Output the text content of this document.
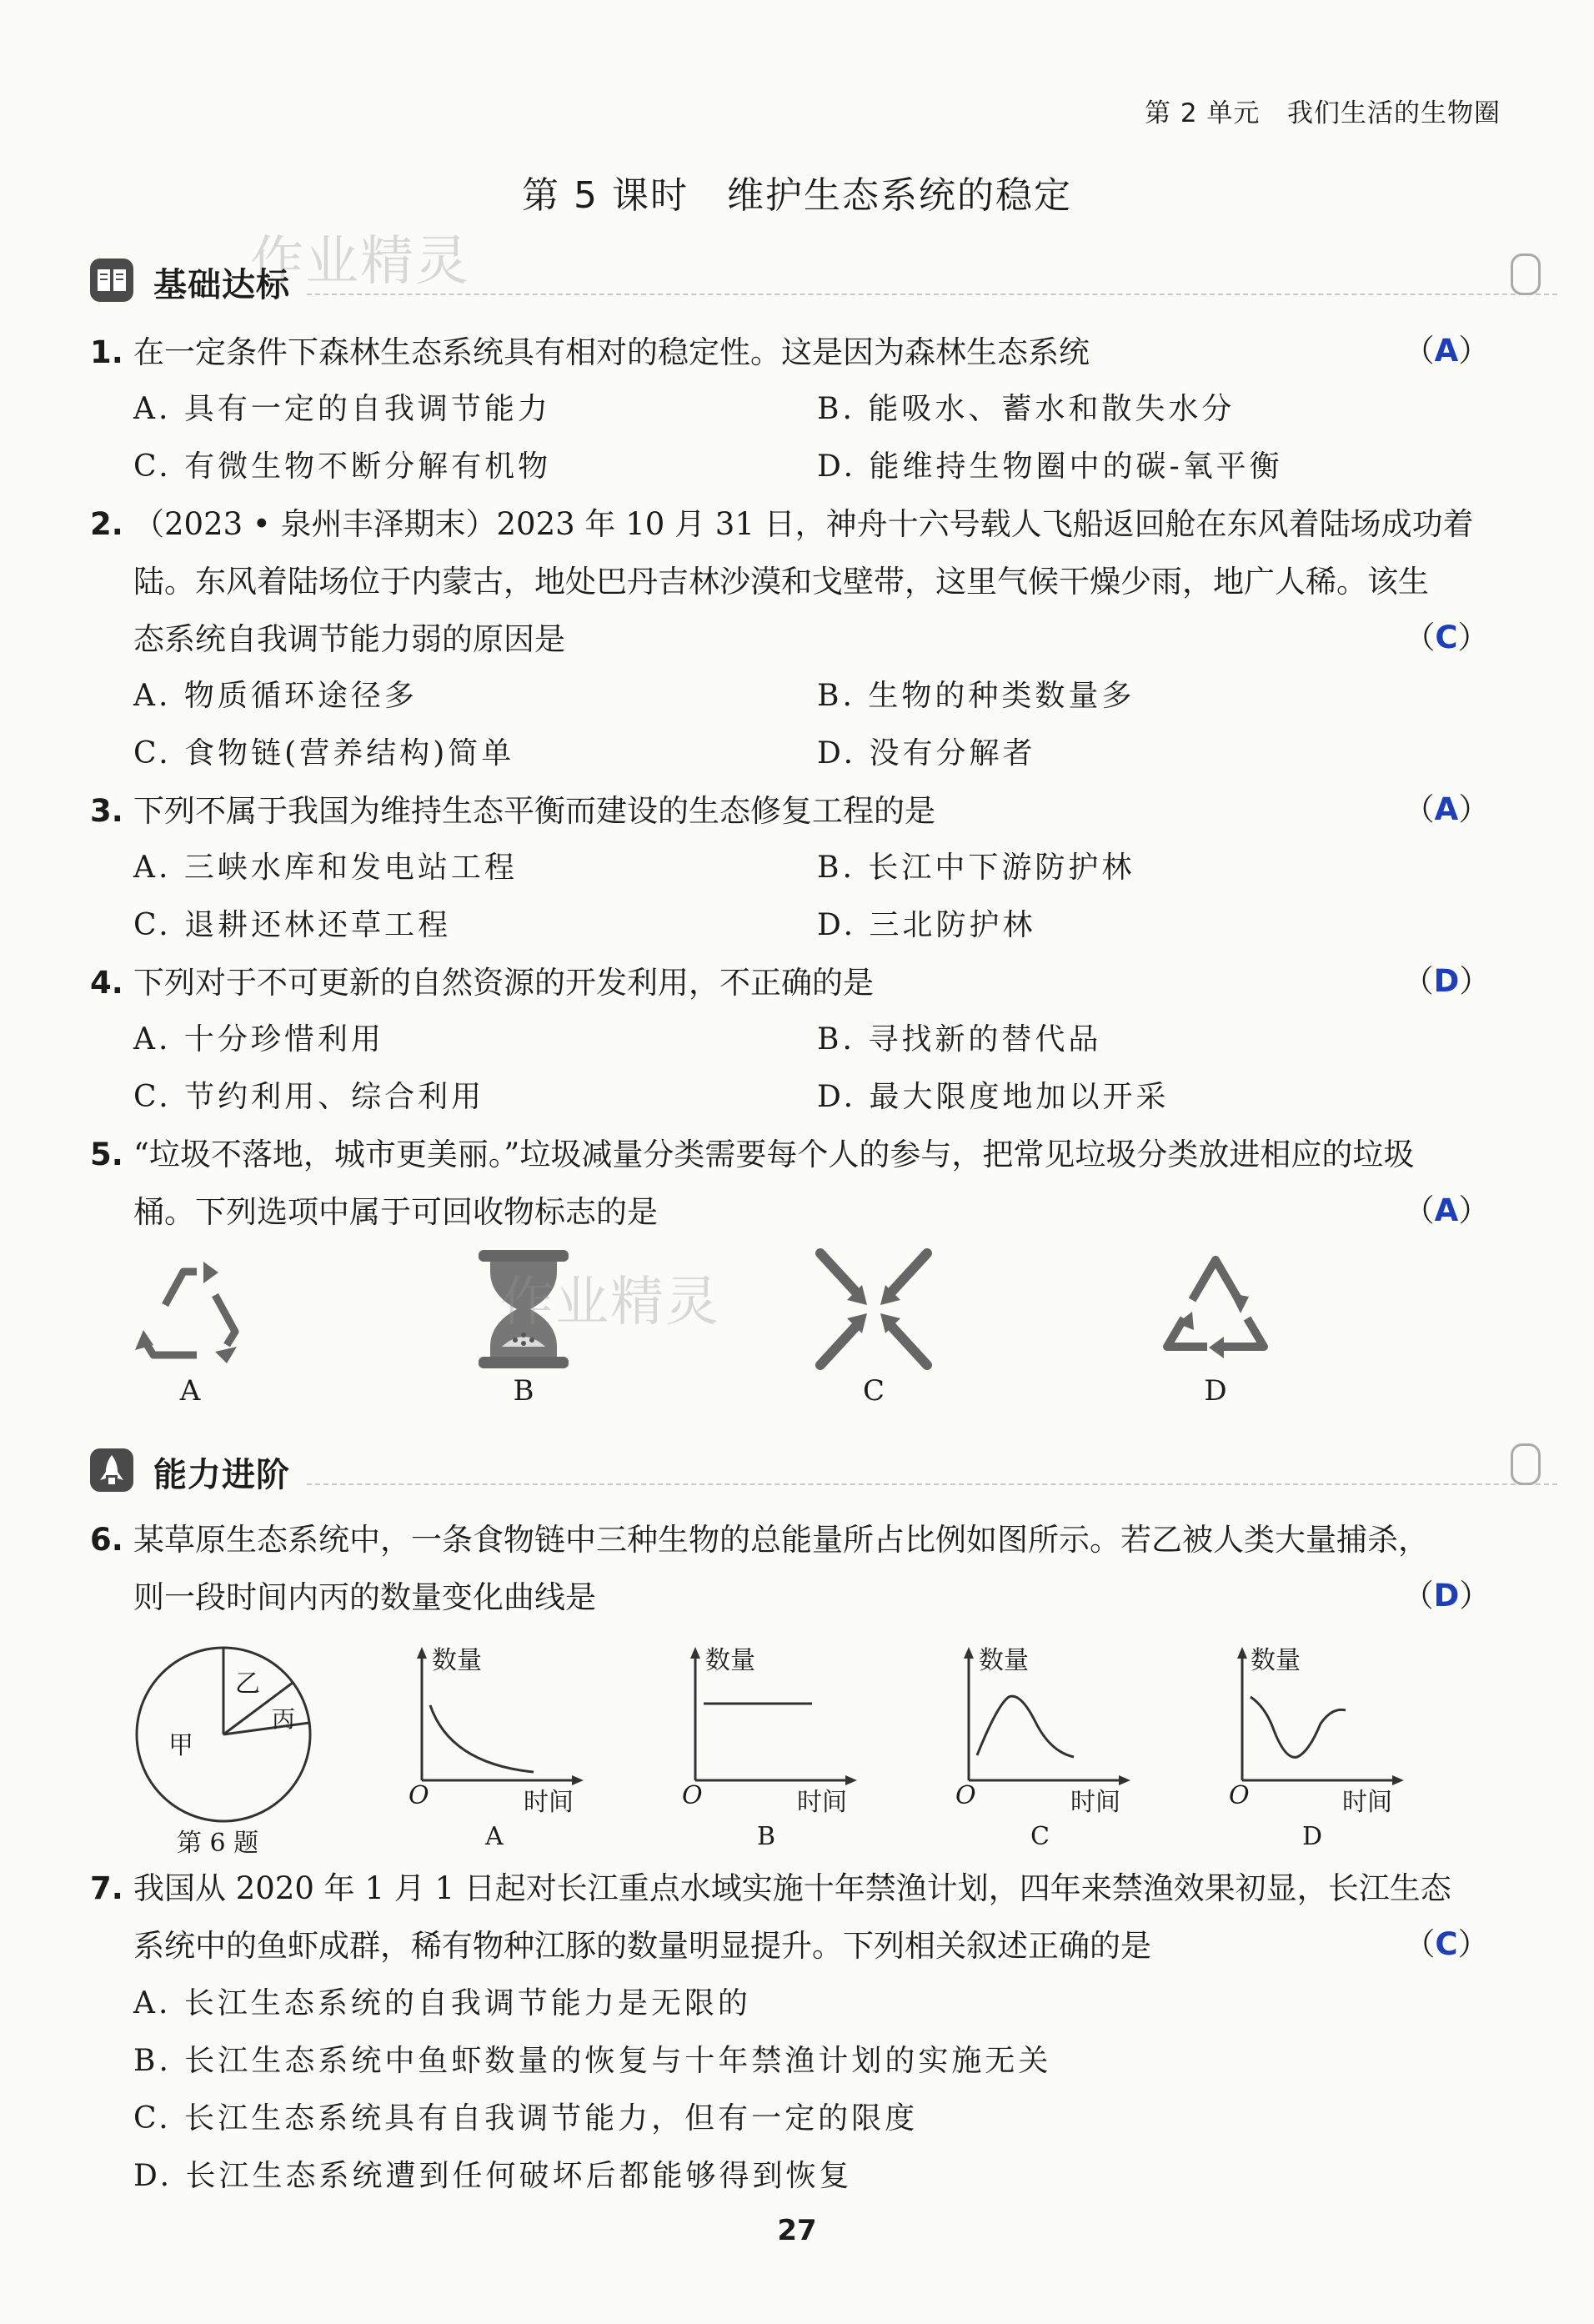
第 2 单元 我们生活的生物圈
第 5 课时　维护生态系统的稳定
作业精灵
基础达标
1. 在一定条件下森林生态系统具有相对的稳定性。这是因为森林生态系统	（A）
A. 具有一定的自我调节能力	B. 能吸水、蓄水和散失水分
C. 有微生物不断分解有机物	D. 能维持生物圈中的碳-氧平衡
2. （2023 • 泉州丰泽期末）2023 年 10 月 31 日，神舟十六号载人飞船返回舱在东风着陆场成功着
陆。东风着陆场位于内蒙古，地处巴丹吉林沙漠和戈壁带，这里气候干燥少雨，地广人稀。该生
态系统自我调节能力弱的原因是	（C）
A. 物质循环途径多	B. 生物的种类数量多
C. 食物链(营养结构)简单	D. 没有分解者
3. 下列不属于我国为维持生态平衡而建设的生态修复工程的是	（A）
A. 三峡水库和发电站工程	B. 长江中下游防护林
C. 退耕还林还草工程	D. 三北防护林
4. 下列对于不可更新的自然资源的开发利用，不正确的是	（D）
A. 十分珍惜利用	B. 寻找新的替代品
C. 节约利用、综合利用	D. 最大限度地加以开采
5. “垃圾不落地，城市更美丽。”垃圾减量分类需要每个人的参与，把常见垃圾分类放进相应的垃圾
桶。下列选项中属于可回收物标志的是	（A）
A	B
作业精灵
C	D
能力进阶
6. 某草原生态系统中，一条食物链中三种生物的总能量所占比例如图所示。若乙被人类大量捕杀，
则一段时间内丙的数量变化曲线是	（D）
乙
丙
甲
第 6 题
数量
O	时间
A
数量
O	时间
B
数量
O	时间
C
数量
O	时间
D
7. 我国从 2020 年 1 月 1 日起对长江重点水域实施十年禁渔计划，四年来禁渔效果初显，长江生态
系统中的鱼虾成群，稀有物种江豚的数量明显提升。下列相关叙述正确的是	（C）
A. 长江生态系统的自我调节能力是无限的
B. 长江生态系统中鱼虾数量的恢复与十年禁渔计划的实施无关
C. 长江生态系统具有自我调节能力，但有一定的限度
D. 长江生态系统遭到任何破坏后都能够得到恢复
27
